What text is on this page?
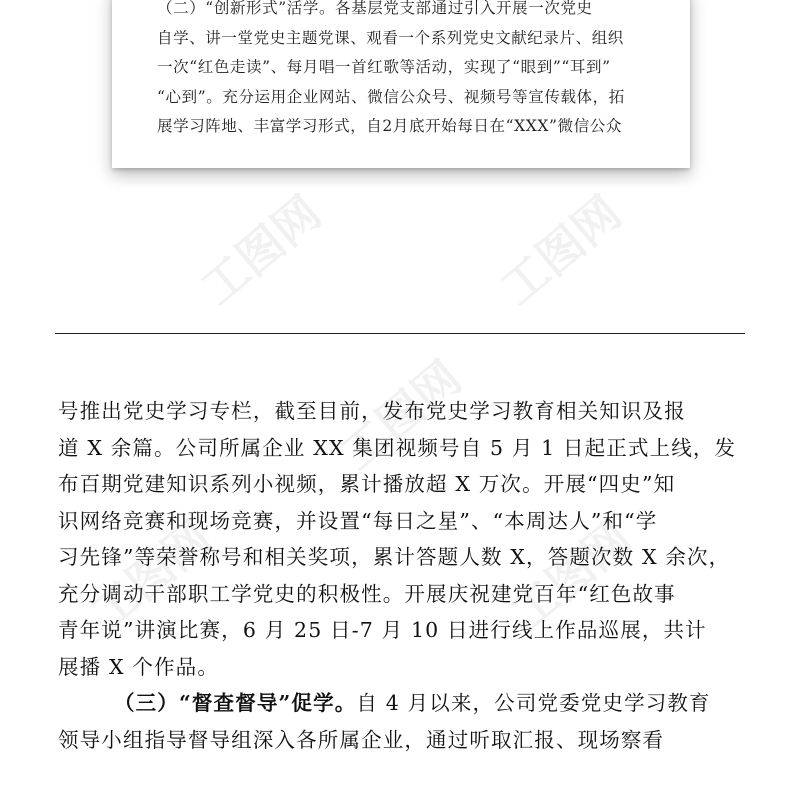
（二）“创新形式”活学。各基层党支部通过引入开展一次党史
自学、讲一堂党史主题党课、观看一个系列党史文献纪录片、组织
一次“红色走读”、每月唱一首红歌等活动，实现了“眼到”“耳到”
“心到”。充分运用企业网站、微信公众号、视频号等宣传载体，拓
展学习阵地、丰富学习形式，自2月底开始每日在“XXX”微信公众
工图网
工图网	工图网
号推出党史学习专栏，截至目前，发布党史学习教育相关知识及报
道 X 余篇。公司所属企业 XX 集团视频号自 5 月 1 日起正式上线，发
布百期党建知识系列小视频，累计播放超 X 万次。开展“四史”知
识网络竞赛和现场竞赛，并设置“每日之星”、“本周达人”和“学
习先锋”等荣誉称号和相关奖项，累计答题人数 X，答题次数 X 余次，
充分调动干部职工学党史的积极性。开展庆祝建党百年“红色故事
青年说”讲演比赛，6 月 25 日-7 月 10 日进行线上作品巡展，共计
展播 X 个作品。
（三）“督查督导”促学。自 4 月以来，公司党委党史学习教育
领导小组指导督导组深入各所属企业，通过听取汇报、现场察看
